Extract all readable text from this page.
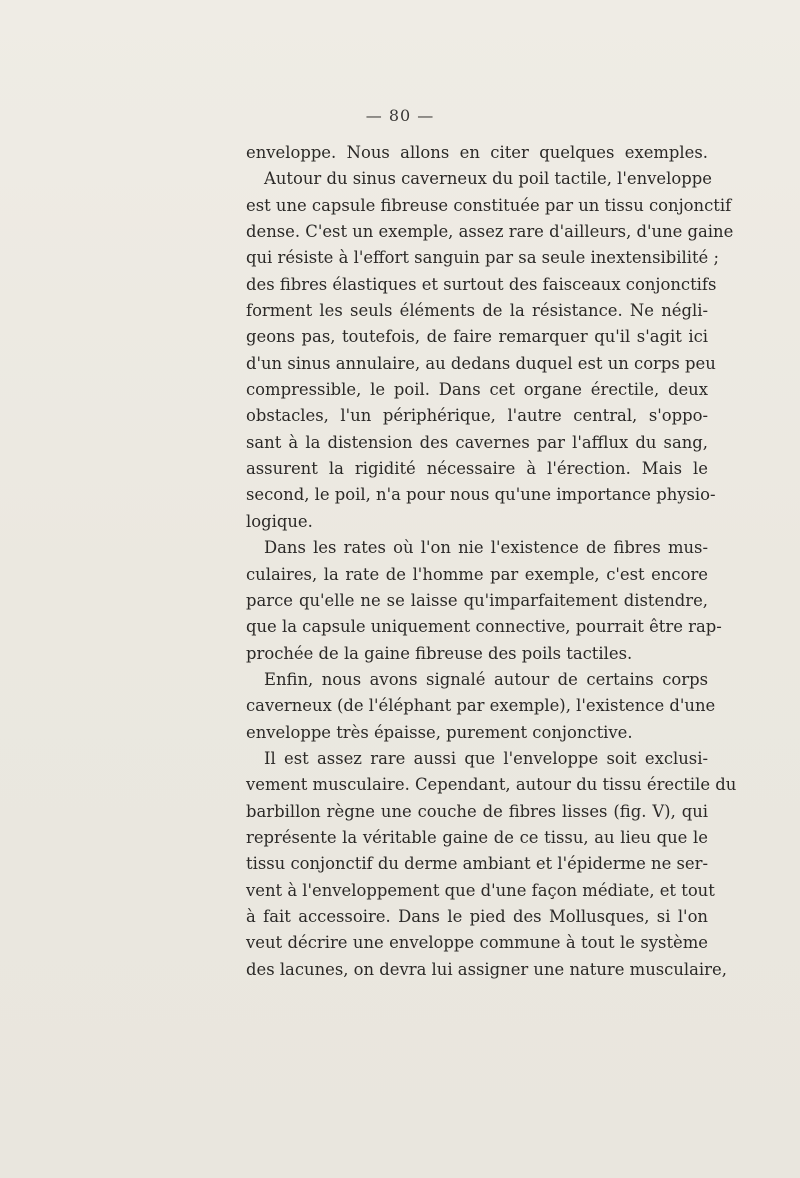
— 80 —
enveloppe. Nous allons en citer quelques exemples.
Autour du sinus caverneux du poil tactile, l'enveloppe
est une capsule fibreuse constituée par un tissu conjonctif
dense. C'est un exemple, assez rare d'ailleurs, d'une gaine
qui résiste à l'effort sanguin par sa seule inextensibilité ;
des fibres élastiques et surtout des faisceaux conjonctifs
forment les seuls éléments de la résistance. Ne négli-
geons pas, toutefois, de faire remarquer qu'il s'agit ici
d'un sinus annulaire, au dedans duquel est un corps peu
compressible, le poil. Dans cet organe érectile, deux
obstacles, l'un périphérique, l'autre central, s'oppo-
sant à la distension des cavernes par l'afflux du sang,
assurent la rigidité nécessaire à l'érection. Mais le
second, le poil, n'a pour nous qu'une importance physio-
logique.
Dans les rates où l'on nie l'existence de fibres mus-
culaires, la rate de l'homme par exemple, c'est encore
parce qu'elle ne se laisse qu'imparfaitement distendre,
que la capsule uniquement connective, pourrait être rap-
prochée de la gaine fibreuse des poils tactiles.
Enfin, nous avons signalé autour de certains corps
caverneux (de l'éléphant par exemple), l'existence d'une
enveloppe très épaisse, purement conjonctive.
Il est assez rare aussi que l'enveloppe soit exclusi-
vement musculaire. Cependant, autour du tissu érectile du
barbillon règne une couche de fibres lisses (fig. V), qui
représente la véritable gaine de ce tissu, au lieu que le
tissu conjonctif du derme ambiant et l'épiderme ne ser-
vent à l'enveloppement que d'une façon médiate, et tout
à fait accessoire. Dans le pied des Mollusques, si l'on
veut décrire une enveloppe commune à tout le système
des lacunes, on devra lui assigner une nature musculaire,
